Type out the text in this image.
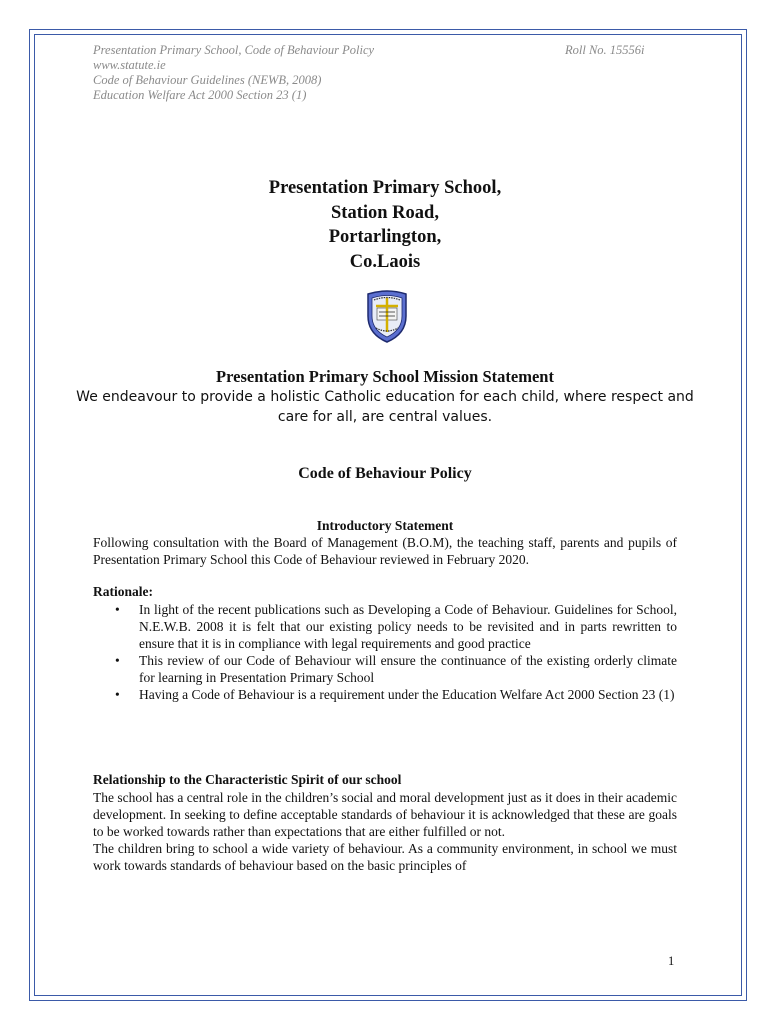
Presentation Primary School, Code of Behaviour Policy
www.statute.ie
Code of Behaviour Guidelines (NEWB, 2008)
Education Welfare Act 2000 Section 23 (1)
Roll No. 15556i
Presentation Primary School,
Station Road,
Portarlington,
Co.Laois
Presentation Primary School Mission Statement
We endeavour to provide a holistic Catholic education for each child, where respect and care for all, are central values.
Code of Behaviour Policy
Introductory Statement
Following consultation with the Board of Management (B.O.M), the teaching staff, parents and pupils of Presentation Primary School this Code of Behaviour reviewed in February 2020.
Rationale:
• In light of the recent publications such as Developing a Code of Behaviour. Guidelines for School, N.E.W.B. 2008 it is felt that our existing policy needs to be revisited and in parts rewritten to ensure that it is in compliance with legal requirements and good practice
• This review of our Code of Behaviour will ensure the continuance of the existing orderly climate for learning in Presentation Primary School
• Having a Code of Behaviour is a requirement under the Education Welfare Act 2000 Section 23 (1)
Relationship to the Characteristic Spirit of our school

The school has a central role in the children’s social and moral development just as it does in their academic development. In seeking to define acceptable standards of behaviour it is acknowledged that these are goals to be worked towards rather than expectations that are either fulfilled or not.

The children bring to school a wide variety of behaviour. As a community environment, in school we must work towards standards of behaviour based on the basic principles of

1
